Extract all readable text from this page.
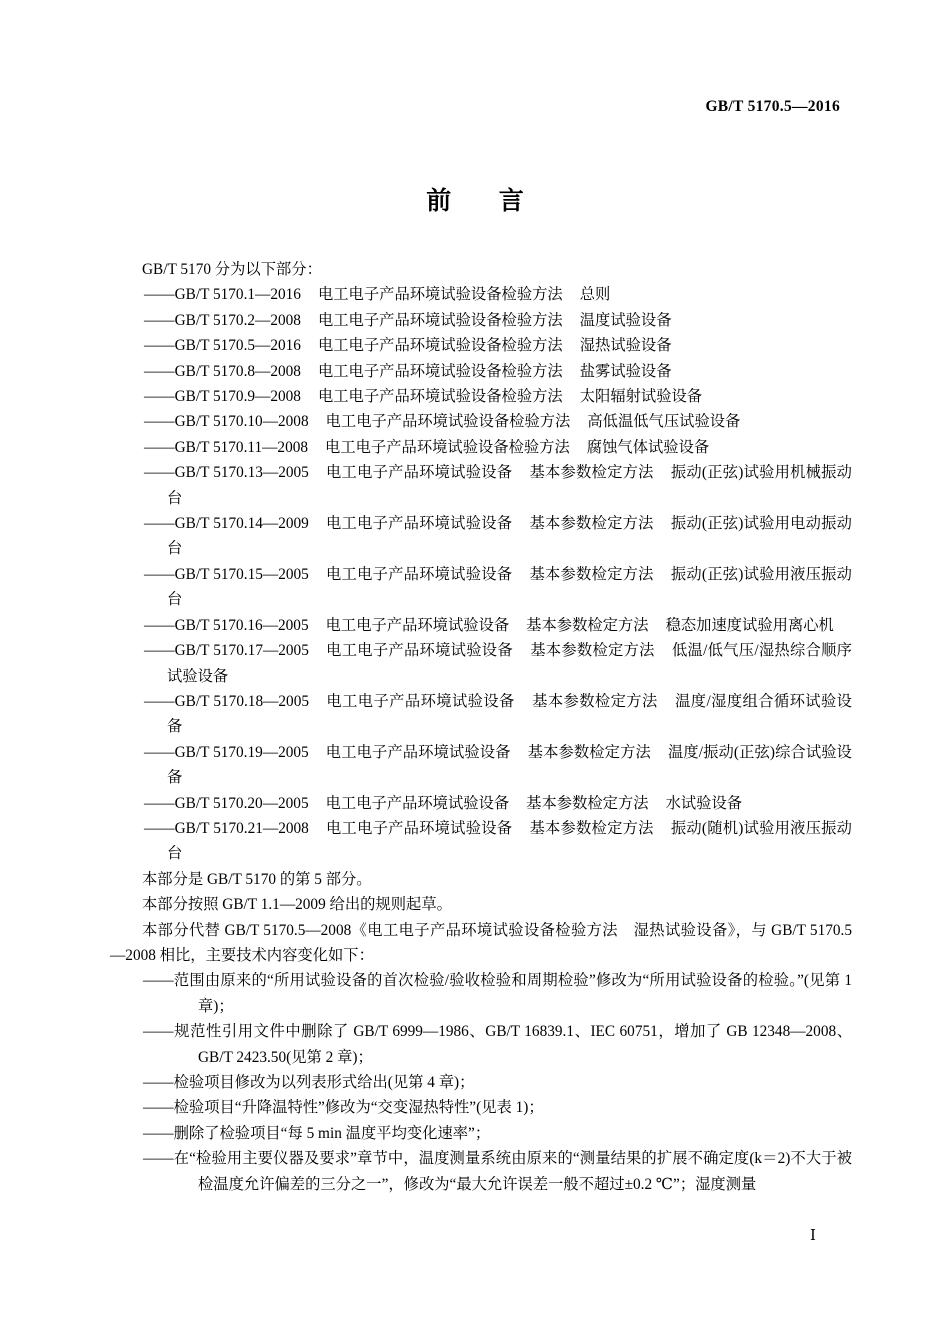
GB/T 5170.5—2016
前 言

GB/T 5170 分为以下部分：

——GB/T 5170.1—2016 电工电子产品环境试验设备检验方法 总则

——GB/T 5170.2—2008 电工电子产品环境试验设备检验方法 温度试验设备

——GB/T 5170.5—2016 电工电子产品环境试验设备检验方法 湿热试验设备

——GB/T 5170.8—2008 电工电子产品环境试验设备检验方法 盐雾试验设备

——GB/T 5170.9—2008 电工电子产品环境试验设备检验方法 太阳辐射试验设备

——GB/T 5170.10—2008 电工电子产品环境试验设备检验方法 高低温低气压试验设备

——GB/T 5170.11—2008 电工电子产品环境试验设备检验方法 腐蚀气体试验设备

——GB/T 5170.13—2005 电工电子产品环境试验设备 基本参数检定方法 振动(正弦)试验用机械振动台

——GB/T 5170.14—2009 电工电子产品环境试验设备 基本参数检定方法 振动(正弦)试验用电动振动台

——GB/T 5170.15—2005 电工电子产品环境试验设备 基本参数检定方法 振动(正弦)试验用液压振动台

——GB/T 5170.16—2005 电工电子产品环境试验设备 基本参数检定方法 稳态加速度试验用离心机

——GB/T 5170.17—2005 电工电子产品环境试验设备 基本参数检定方法 低温/低气压/湿热综合顺序试验设备

——GB/T 5170.18—2005 电工电子产品环境试验设备 基本参数检定方法 温度/湿度组合循环试验设备

——GB/T 5170.19—2005 电工电子产品环境试验设备 基本参数检定方法 温度/振动(正弦)综合试验设备

——GB/T 5170.20—2005 电工电子产品环境试验设备 基本参数检定方法 水试验设备

——GB/T 5170.21—2008 电工电子产品环境试验设备 基本参数检定方法 振动(随机)试验用液压振动台

本部分是 GB/T 5170 的第 5 部分。

本部分按照 GB/T 1.1—2009 给出的规则起草。

本部分代替 GB/T 5170.5—2008《电工电子产品环境试验设备检验方法　湿热试验设备》，与 GB/T 5170.5—2008 相比，主要技术内容变化如下：

——范围由原来的“所用试验设备的首次检验/验收检验和周期检验”修改为“所用试验设备的检验。”(见第 1 章)；

——规范性引用文件中删除了 GB/T 6999—1986、GB/T 16839.1、IEC 60751，增加了 GB 12348—2008、GB/T 2423.50(见第 2 章)；

——检验项目修改为以列表形式给出(见第 4 章)；

——检验项目“升降温特性”修改为“交变湿热特性”(见表 1)；

——删除了检验项目“每 5 min 温度平均变化速率”；

——在“检验用主要仪器及要求”章节中，温度测量系统由原来的“测量结果的扩展不确定度(k＝2)不大于被检温度允许偏差的三分之一”，修改为“最大允许误差一般不超过±0.2 ℃”；湿度测量

Ⅰ
